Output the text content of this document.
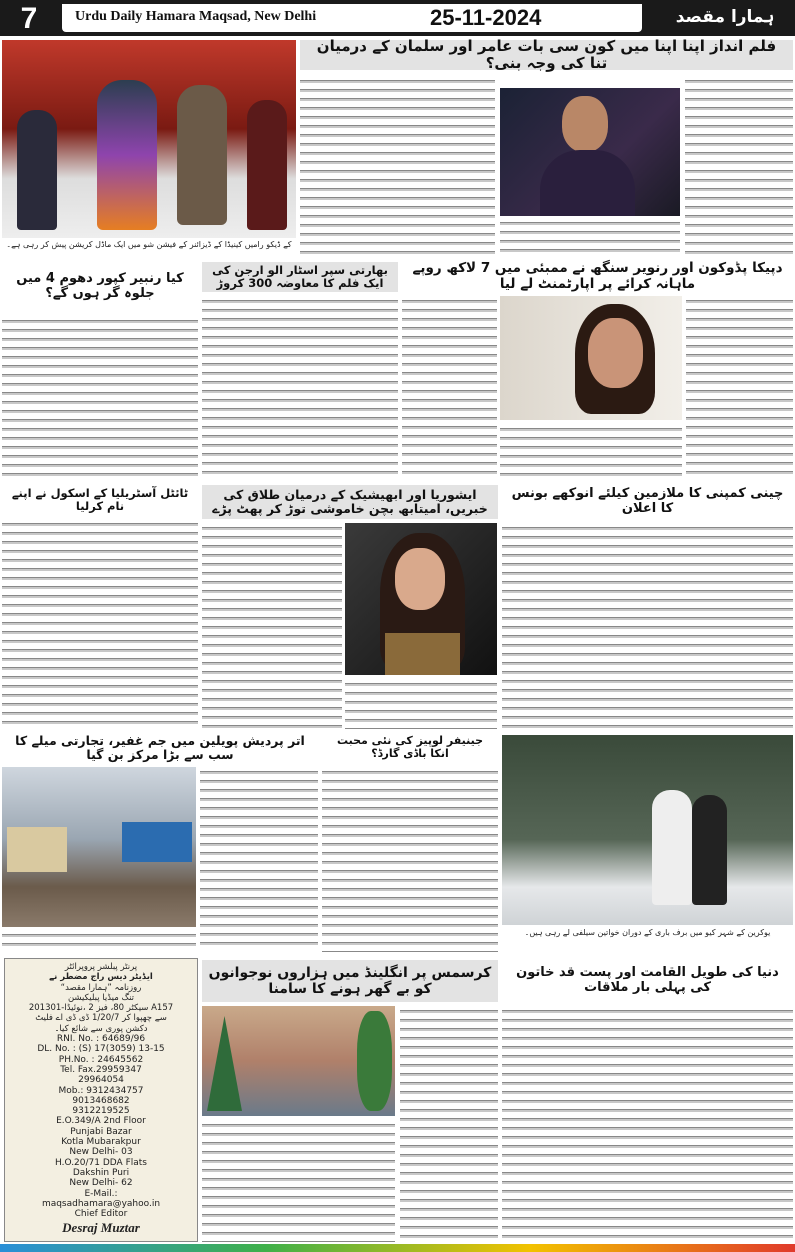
7	Urdu Daily Hamara Maqsad, New Delhi	25-11-2024	ہمارا مقصد
کے ڈیکو رامیں کینیڈا کے ڈیزائنر کے فیشن شو میں ایک ماڈل کریشن پیش کر رہی ہے۔
فلم انداز اپنا اپنا میں کون سی بات عامر اور سلمان کے درمیان تنا کی وجہ بنی؟
کیا رنبیر کپور دھوم 4 میں جلوہ گر ہوں گے؟
بھارتی سپر اسٹار الو ارجن کی ایک فلم کا معاوضہ 300 کروڑ
دپیکا پڈوکون اور رنویر سنگھ نے ممبئی میں 7 لاکھ روپے ماہانہ کرائے پر اپارٹمنٹ لے لیا
ٹائٹل آسٹریلیا کے اسکول نے اپنے نام کرلیا
ایشوریا اور ابھیشیک کے درمیان طلاق کی خبریں، امیتابھ بچن خاموشی توڑ کر پھٹ پڑے
چینی کمپنی کا ملازمین کیلئے انوکھے بونس کا اعلان
اتر پردیش پویلین میں جم غفیر، تجارتی میلے کا سب سے بڑا مرکز بن گیا
جینیفر لوپیز کی نئی محبت انکا باڈی گارڈ؟
یوکرین کے شہر کیو میں برف باری کے دوران خواتین سیلفی لے رہی ہیں۔
پرنٹر پبلشر پروپرائٹر
ایڈیٹر دیس راج مضطر نے
روزنامہ ”ہمارا مقصد“
تنگ میڈیا پبلیکیشن
A157 سیکٹر 80، فیز 2 ،نوئیڈا-201301
سے چھپوا کر 1/20/7 ڈی ڈی اے فلیٹ
دکشن پوری سے شائع کیا۔
RNI. No. : 64689/96
DL. No. : (S) 17(3059) 13-15
PH.No. : 24645562
Tel. Fax.29959347
29964054
Mob.: 9312434757
9013468682
9312219525
E.O.349/A 2nd Floor
Punjabi Bazar
Kotla Mubarakpur
New Delhi- 03
H.O.20/71 DDA Flats
Dakshin Puri
New Delhi- 62
E-Mail.:
maqsadhamara@yahoo.in
Chief Editor
Desraj Muztar
کرسمس پر انگلینڈ میں ہزاروں نوجوانوں کو بے گھر ہونے کا سامنا
دنیا کی طویل القامت اور پست قد خاتون کی پہلی بار ملاقات
